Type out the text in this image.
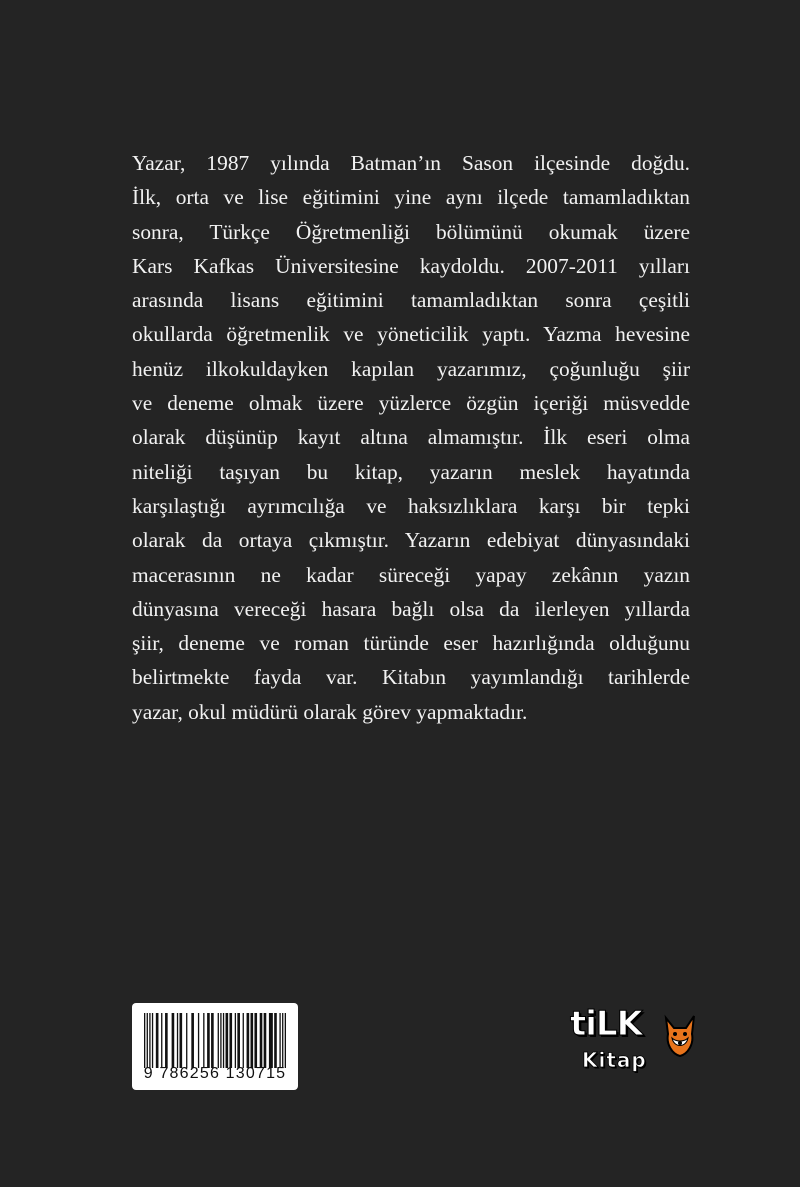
Yazar, 1987 yılında Batman’ın Sason ilçesinde doğdu.
İlk, orta ve lise eğitimini yine aynı ilçede tamamladıktan
sonra, Türkçe Öğretmenliği bölümünü okumak üzere
Kars Kafkas Üniversitesine kaydoldu. 2007-2011 yılları
arasında lisans eğitimini tamamladıktan sonra çeşitli
okullarda öğretmenlik ve yöneticilik yaptı. Yazma hevesine
henüz ilkokuldayken kapılan yazarımız, çoğunluğu şiir
ve deneme olmak üzere yüzlerce özgün içeriği müsvedde
olarak düşünüp kayıt altına almamıştır. İlk eseri olma
niteliği taşıyan bu kitap, yazarın meslek hayatında
karşılaştığı ayrımcılığa ve haksızlıklara karşı bir tepki
olarak da ortaya çıkmıştır. Yazarın edebiyat dünyasındaki
macerasının ne kadar süreceği yapay zekânın yazın
dünyasına vereceği hasara bağlı olsa da ilerleyen yıllarda
şiir, deneme ve roman türünde eser hazırlığında olduğunu
belirtmekte fayda var. Kitabın yayımlandığı tarihlerde
yazar, okul müdürü olarak görev yapmaktadır.
9 786256 130715
tiLK
Kitap
